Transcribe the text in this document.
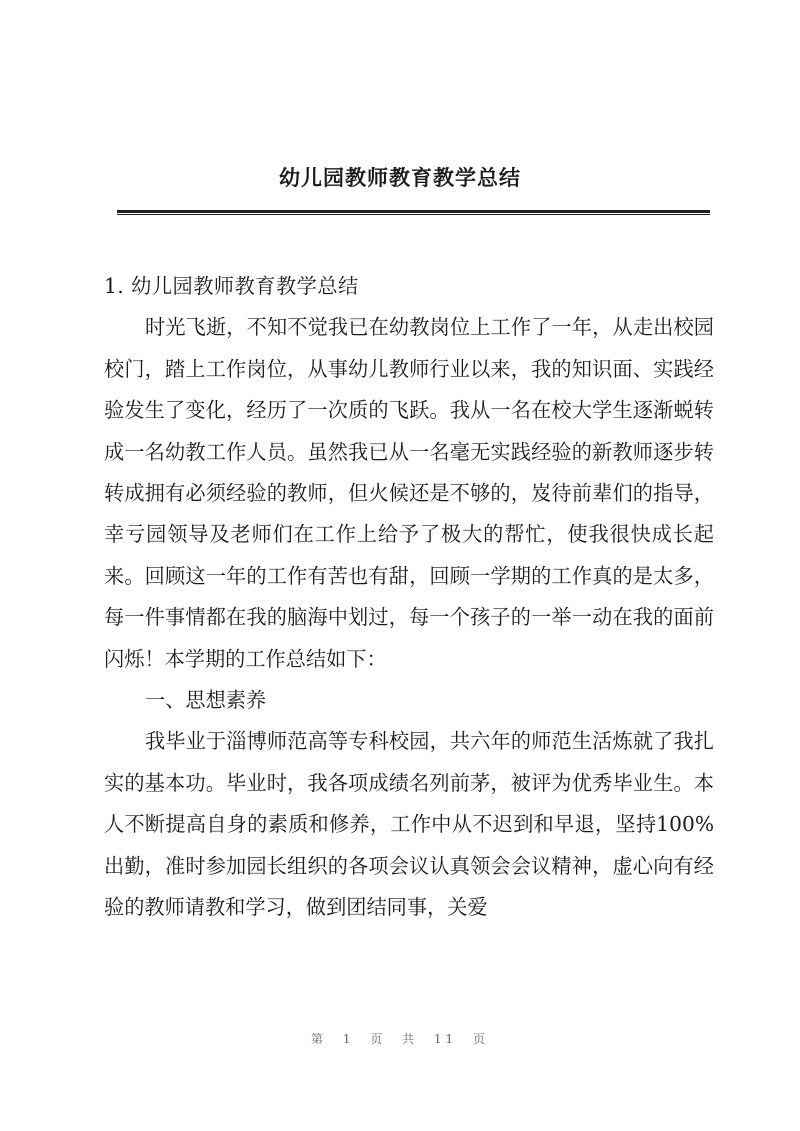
幼儿园教师教育教学总结

1. 幼儿园教师教育教学总结

时光飞逝，不知不觉我已在幼教岗位上工作了一年，从走出校园校门，踏上工作岗位，从事幼儿教师行业以来，我的知识面、实践经验发生了变化，经历了一次质的飞跃。我从一名在校大学生逐渐蜕转成一名幼教工作人员。虽然我已从一名毫无实践经验的新教师逐步转转成拥有必须经验的教师，但火候还是不够的，岌待前辈们的指导，幸亏园领导及老师们在工作上给予了极大的帮忙，使我很快成长起来。回顾这一年的工作有苦也有甜，回顾一学期的工作真的是太多，每一件事情都在我的脑海中划过，每一个孩子的一举一动在我的面前闪烁！本学期的工作总结如下：

一、思想素养

我毕业于淄博师范高等专科校园，共六年的师范生活炼就了我扎实的基本功。毕业时，我各项成绩名列前茅，被评为优秀毕业生。本人不断提高自身的素质和修养，工作中从不迟到和早退，坚持100%出勤，准时参加园长组织的各项会议认真领会会议精神，虚心向有经验的教师请教和学习，做到团结同事，关爱

第 1 页 共 11 页
